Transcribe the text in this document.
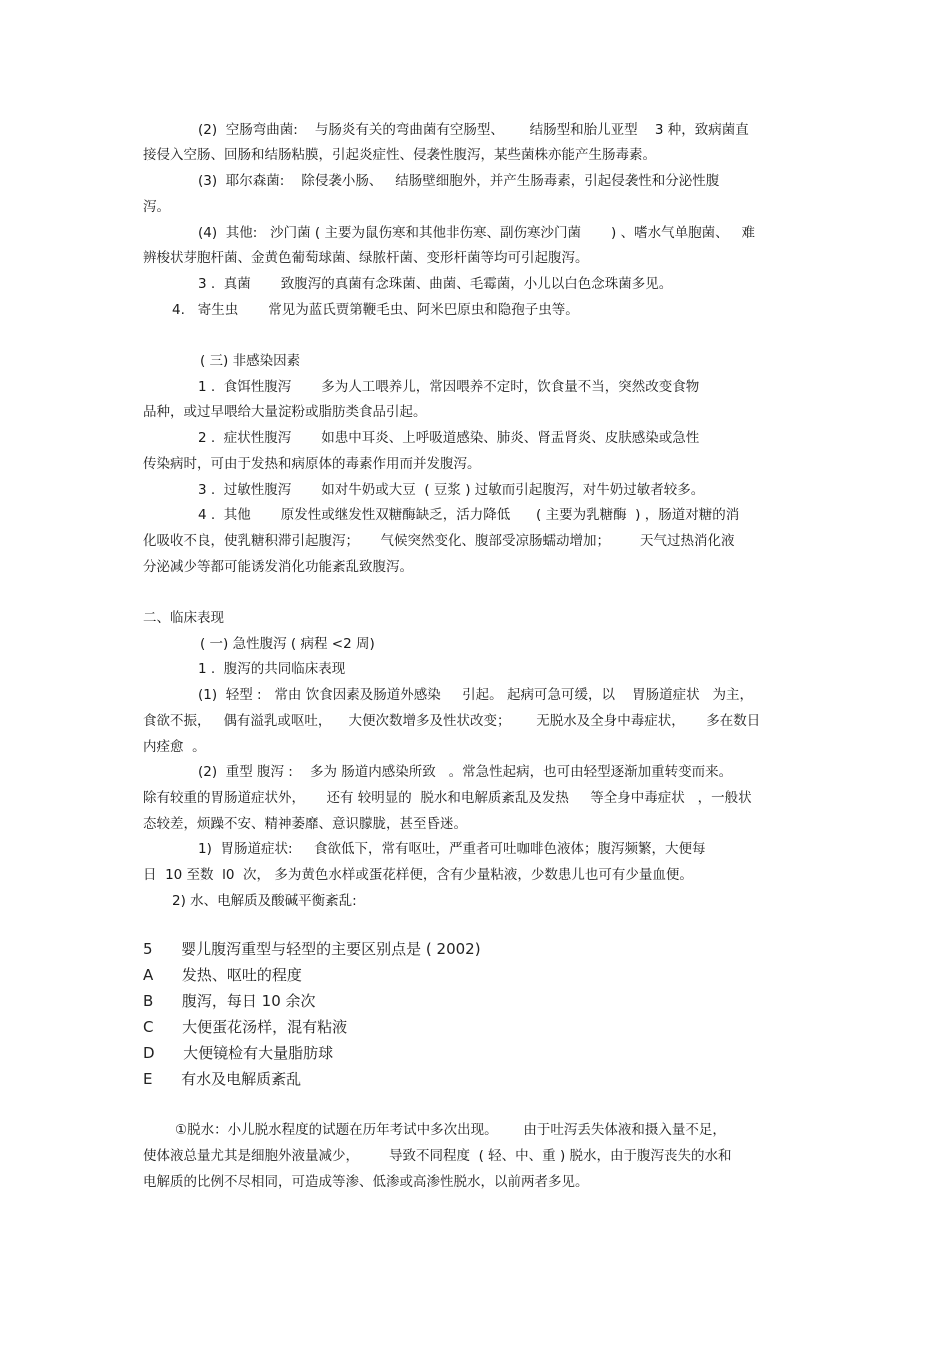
(2)  空肠弯曲菌:    与肠炎有关的弯曲菌有空肠型、      结肠型和胎儿亚型    3 种，致病菌直
接侵入空肠、回肠和结肠粘膜，引起炎症性、侵袭性腹泻，某些菌株亦能产生肠毒素。
(3)  耶尔森菌:    除侵袭小肠、   结肠壁细胞外，并产生肠毒素，引起侵袭性和分泌性腹
泻。
(4)  其他:   沙门菌 ( 主要为鼠伤寒和其他非伤寒、副伤寒沙门菌       ) 、嗜水气单胞菌、   难
辨梭状芽胞杆菌、金黄色葡萄球菌、绿脓杆菌、变形杆菌等均可引起腹泻。
3 .  真菌       致腹泻的真菌有念珠菌、曲菌、毛霉菌，小儿以白色念珠菌多见。
4.   寄生虫       常见为蓝氏贾第鞭毛虫、阿米巴原虫和隐孢子虫等。
( 三) 非感染因素
1 .  食饵性腹泻       多为人工喂养儿，常因喂养不定时，饮食量不当，突然改变食物
品种，或过早喂给大量淀粉或脂肪类食品引起。
2 .  症状性腹泻       如患中耳炎、上呼吸道感染、肺炎、肾盂肾炎、皮肤感染或急性
传染病时，可由于发热和病原体的毒素作用而并发腹泻。
3 .  过敏性腹泻       如对牛奶或大豆  ( 豆浆 ) 过敏而引起腹泻，对牛奶过敏者较多。
4 .  其他       原发性或继发性双糖酶缺乏，活力降低      ( 主要为乳糖酶  ) ，肠道对糖的消
化吸收不良，使乳糖积滞引起腹泻；     气候突然变化、腹部受凉肠蠕动增加；       天气过热消化液
分泌减少等都可能诱发消化功能紊乱致腹泻。
二、临床表现
( 一) 急性腹泻 ( 病程 <2 周)
1 .  腹泻的共同临床表现
(1)  轻型 :   常由 饮食因素及肠道外感染     引起。 起病可急可缓，以    胃肠道症状   为主，
食欲不振，   偶有溢乳或呕吐，    大便次数增多及性状改变；      无脱水及全身中毒症状，     多在数日
内痊愈  。
(2)  重型 腹泻 :    多为 肠道内感染所致   。常急性起病，也可由轻型逐渐加重转变而来。
除有较重的胃肠道症状外，     还有 较明显的  脱水和电解质紊乱及发热     等全身中毒症状   ，一般状
态较差，烦躁不安、精神萎靡、意识朦胧，甚至昏迷。
1)  胃肠道症状:     食欲低下，常有呕吐，严重者可吐咖啡色液体；腹泻频繁，大便每
日  10 至数  l0  次， 多为黄色水样或蛋花样便，含有少量粘液，少数患儿也可有少量血便。
2) 水、电解质及酸碱平衡紊乱:
5      婴儿腹泻重型与轻型的主要区别点是 ( 2002)
A      发热、呕吐的程度
B      腹泻，每日 10 余次
C      大便蛋花汤样，混有粘液
D      大便镜检有大量脂肪球
E      有水及电解质紊乱
①脱水：小儿脱水程度的试题在历年考试中多次出现。      由于吐泻丢失体液和摄入量不足，
使体液总量尤其是细胞外液量减少，       导致不同程度  ( 轻、中、重 ) 脱水，由于腹泻丧失的水和
电解质的比例不尽相同，可造成等渗、低渗或高渗性脱水，以前两者多见。
